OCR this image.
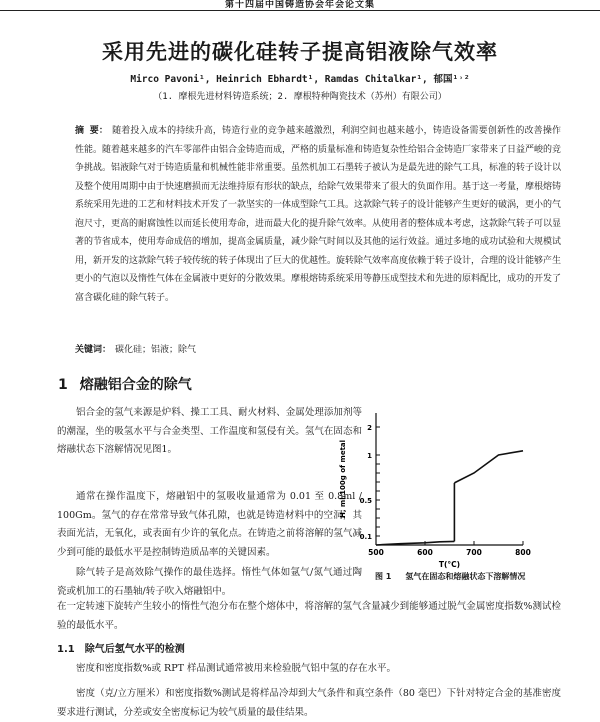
第十四届中国铸造协会年会论文集
采用先进的碳化硅转子提高铝液除气效率
Mirco Pavoni¹, Heinrich Ebhardt¹, Ramdas Chitalkar¹, 郁国¹˒²
（1. 摩根先进材料铸造系统；2. 摩根特种陶瓷技术（苏州）有限公司）
摘 要： 随着投入成本的持续升高，铸造行业的竞争越来越激烈，利润空间也越来越小，铸造设备需要创新性的改善操作性能。随着越来越多的汽车零部件由铝合金铸造而成，严格的质量标准和铸造复杂性给铝合金铸造厂家带来了日益严峻的竞争挑战。铝液除气对于铸造质量和机械性能非常重要。虽然机加工石墨转子被认为是最先进的除气工具，标准的转子设计以及整个使用周期中由于快速磨损而无法维持原有形状的缺点，给除气效果带来了很大的负面作用。基于这一考量，摩根熔铸系统采用先进的工艺和材料技术开发了一款坚实的一体成型除气工具。这款除气转子的设计能够产生更好的破涡，更小的气泡尺寸，更高的耐腐蚀性以而延长使用寿命，进而最大化的提升除气效率。从使用者的整体成本考虑，这款除气转子可以显著的节省成本，使用寿命成倍的增加，提高金属质量，减少除气时间以及其他的运行效益。通过多地的成功试验和大规模试用，新开发的这款除气转子较传统的转子体现出了巨大的优越性。旋转除气效率高度依赖于转子设计，合理的设计能够产生更小的气泡以及惰性气体在金属液中更好的分散效果。摩根熔铸系统采用等静压成型技术和先进的原料配比，成功的开发了富含碳化硅的除气转子。
关键词： 碳化硅；铝液；除气
1 熔融铝合金的除气
铝合金的氢气来源是炉料、操工工具、耐火材料、金属处理添加剂等的潮湿，坐的吸氢水平与合金类型、工作温度和氢侵有关。氢气在固态和熔融状态下溶解情况见图1。
通常在操作温度下，熔融铝中的氢吸收量通常为 0.01 至 0.8ml / 100Gm。氢气的存在常常导致气体孔隙，也就是铸造材料中的空洞，其表面光洁，无氧化，或表面有少许的氧化点。在铸造之前将溶解的氢气减少到可能的最低水平是控制铸造质品率的关键因素。
除气转子是高效除气操作的最佳选择。惰性气体如氩气/氮气通过陶瓷或机加工的石墨轴/转子吹入熔融铝中。
在一定转速下旋转产生较小的惰性气泡分布在整个熔体中，将溶解的氢气含量减少到能够通过脱气金属密度指数%测试检验的最低水平。
1.1 除气后氢气水平的检测
密度和密度指数%或 RPT 样品测试通常被用来检验脱气铝中氢的存在水平。
密度（克/立方厘米）和密度指数%测试是将样品冷却到大气条件和真空条件（80 毫巴）下针对特定合金的基准密度要求进行测试，分差或安全密度标记为较气质量的最佳结果。
0.1
0.5
1
2
500	600	700	800
T(°C)
H, ml/100g of metal
图 1 氢气在固态和熔融状态下溶解情况
